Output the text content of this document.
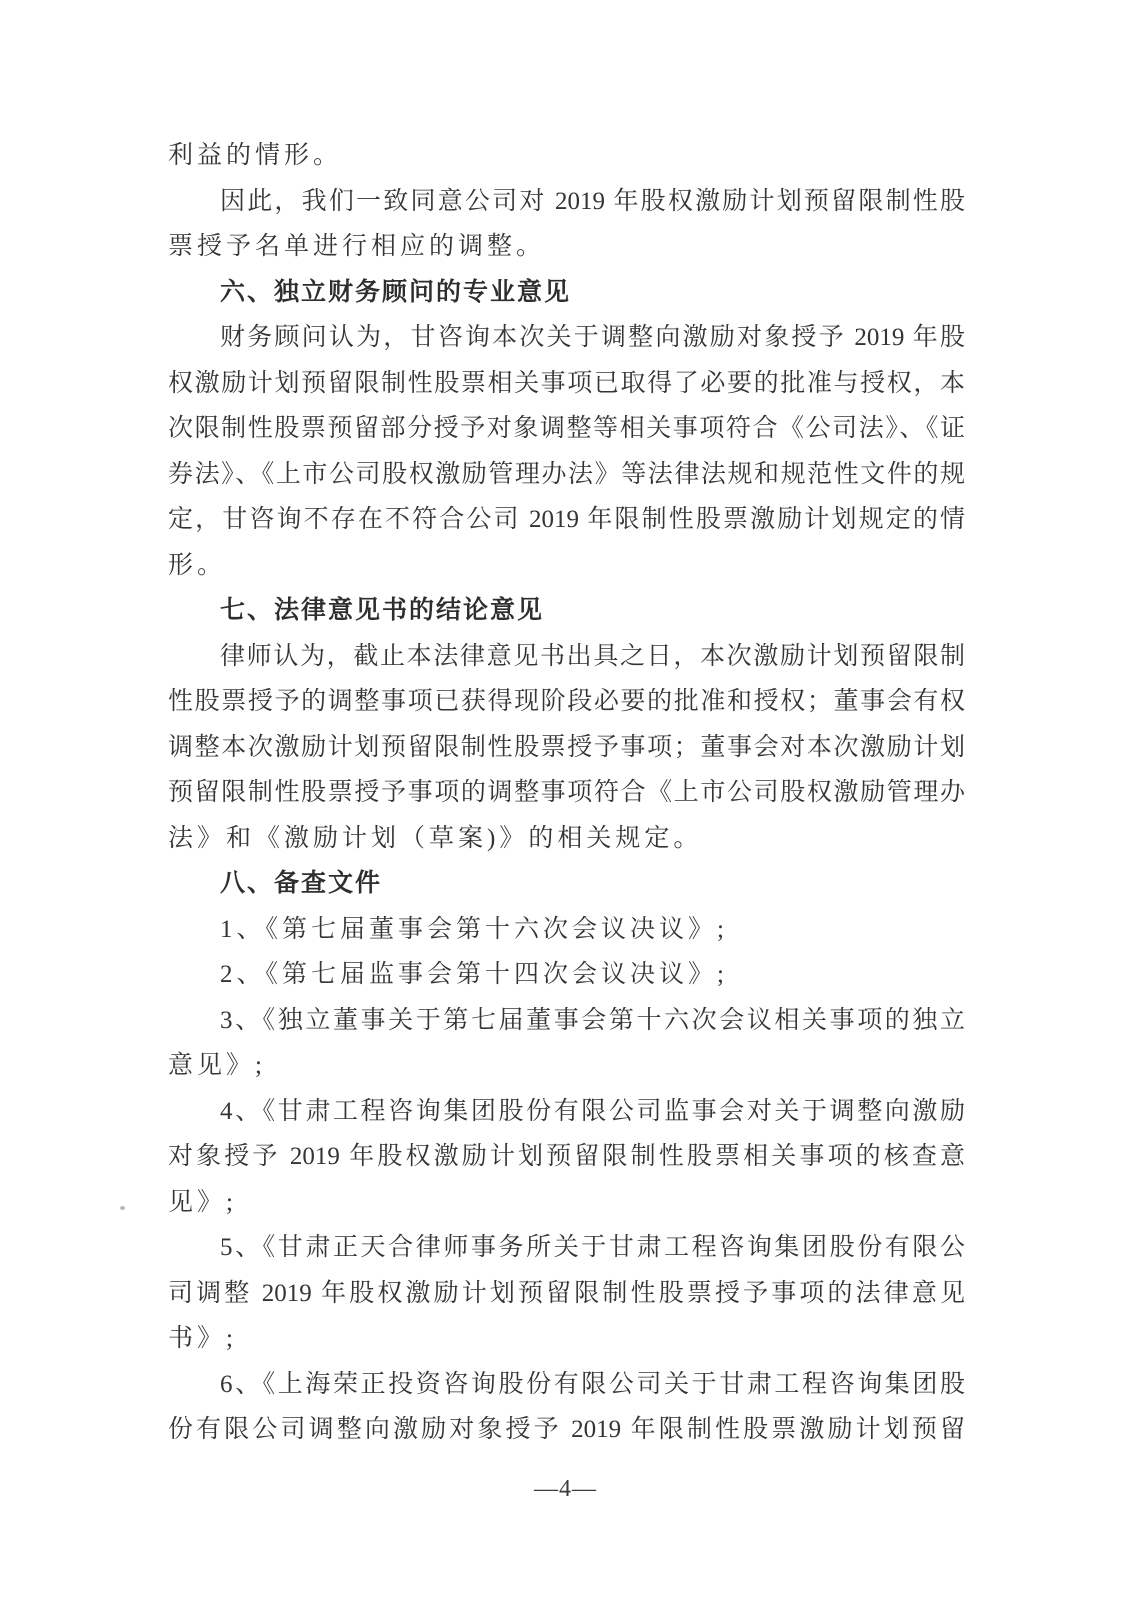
利益的情形。
因此，我们一致同意公司对 2019 年股权激励计划预留限制性股
票授予名单进行相应的调整。
六、独立财务顾问的专业意见
财务顾问认为，甘咨询本次关于调整向激励对象授予 2019 年股
权激励计划预留限制性股票相关事项已取得了必要的批准与授权，本
次限制性股票预留部分授予对象调整等相关事项符合《公司法》、《证
券法》、《上市公司股权激励管理办法》等法律法规和规范性文件的规
定，甘咨询不存在不符合公司 2019 年限制性股票激励计划规定的情
形。
七、法律意见书的结论意见
律师认为，截止本法律意见书出具之日，本次激励计划预留限制
性股票授予的调整事项已获得现阶段必要的批准和授权；董事会有权
调整本次激励计划预留限制性股票授予事项；董事会对本次激励计划
预留限制性股票授予事项的调整事项符合《上市公司股权激励管理办
法》和《激励计划（草案)》的相关规定。
八、备查文件
1、《第七届董事会第十六次会议决议》;
2、《第七届监事会第十四次会议决议》;
3、《独立董事关于第七届董事会第十六次会议相关事项的独立
意见》;
4、《甘肃工程咨询集团股份有限公司监事会对关于调整向激励
对象授予 2019 年股权激励计划预留限制性股票相关事项的核查意
见》;
5、《甘肃正天合律师事务所关于甘肃工程咨询集团股份有限公
司调整 2019 年股权激励计划预留限制性股票授予事项的法律意见
书》;
6、《上海荣正投资咨询股份有限公司关于甘肃工程咨询集团股
份有限公司调整向激励对象授予 2019 年限制性股票激励计划预留
—4—
